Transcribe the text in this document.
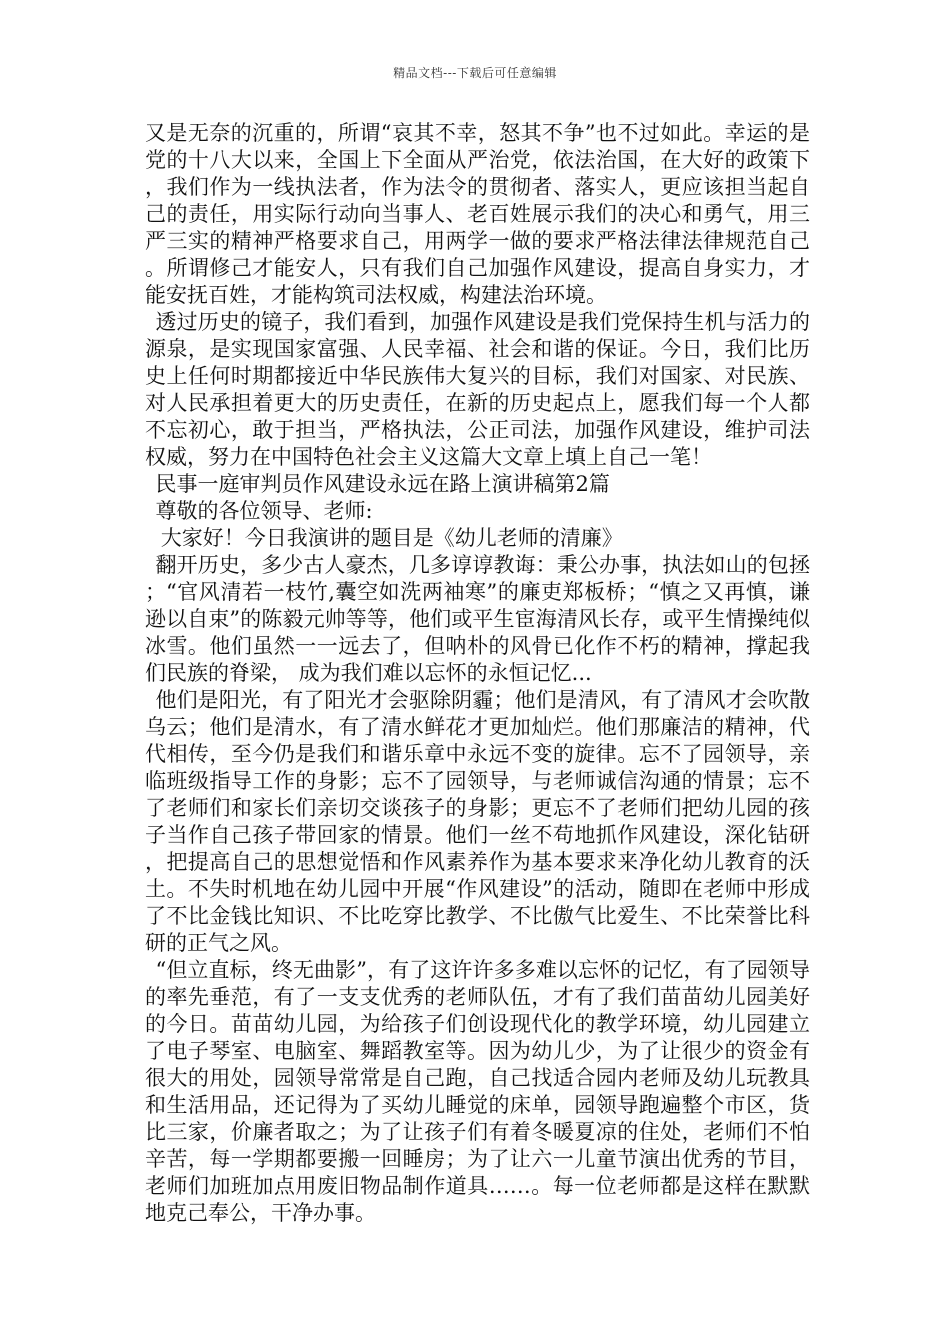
精品文档---下载后可任意编辑

又是无奈的沉重的，所谓“哀其不幸，怒其不争”也不过如此。幸运的是党的十八大以来，全国上下全面从严治党，依法治国，在大好的政策下，我们作为一线执法者，作为法令的贯彻者、落实人，更应该担当起自己的责任，用实际行动向当事人、老百姓展示我们的决心和勇气，用三严三实的精神严格要求自己，用两学一做的要求严格法律法律规范自己。所谓修己才能安人，只有我们自己加强作风建设，提高自身实力，才能安抚百姓，才能构筑司法权威，构建法治环境。

透过历史的镜子，我们看到，加强作风建设是我们党保持生机与活力的源泉，是实现国家富强、人民幸福、社会和谐的保证。今日，我们比历史上任何时期都接近中华民族伟大复兴的目标，我们对国家、对民族、对人民承担着更大的历史责任，在新的历史起点上，愿我们每一个人都不忘初心，敢于担当，严格执法，公正司法，加强作风建设，维护司法权威，努力在中国特色社会主义这篇大文章上填上自己一笔！

民事一庭审判员作风建设永远在路上演讲稿第2篇

尊敬的各位领导、老师:

大家好！今日我演讲的题目是《幼儿老师的清廉》

翻开历史，多少古人豪杰，几多谆谆教诲：秉公办事，执法如山的包拯；“官风清若一枝竹,囊空如洗两袖寒”的廉吏郑板桥；“慎之又再慎，谦逊以自束”的陈毅元帅等等，他们或平生宦海清风长存，或平生情操纯似冰雪。他们虽然一一远去了，但呐朴的风骨已化作不朽的精神，撑起我们民族的脊梁， 成为我们难以忘怀的永恒记忆...

他们是阳光，有了阳光才会驱除阴霾；他们是清风，有了清风才会吹散乌云；他们是清水，有了清水鲜花才更加灿烂。他们那廉洁的精神，代代相传，至今仍是我们和谐乐章中永远不变的旋律。忘不了园领导，亲临班级指导工作的身影；忘不了园领导，与老师诚信沟通的情景；忘不了老师们和家长们亲切交谈孩子的身影；更忘不了老师们把幼儿园的孩子当作自己孩子带回家的情景。他们一丝不苟地抓作风建设，深化钻研，把提高自己的思想觉悟和作风素养作为基本要求来净化幼儿教育的沃土。不失时机地在幼儿园中开展“作风建设”的活动，随即在老师中形成了不比金钱比知识、不比吃穿比教学、不比傲气比爱生、不比荣誉比科研的正气之风。

“但立直标，终无曲影”，有了这许许多多难以忘怀的记忆，有了园领导的率先垂范，有了一支支优秀的老师队伍，才有了我们苗苗幼儿园美好的今日。苗苗幼儿园，为给孩子们创设现代化的教学环境，幼儿园建立了电子琴室、电脑室、舞蹈教室等。因为幼儿少，为了让很少的资金有很大的用处，园领导常常是自己跑，自己找适合园内老师及幼儿玩教具和生活用品，还记得为了买幼儿睡觉的床单，园领导跑遍整个市区，货比三家，价廉者取之；为了让孩子们有着冬暖夏凉的住处，老师们不怕辛苦，每一学期都要搬一回睡房；为了让六一儿童节演出优秀的节目，老师们加班加点用废旧物品制作道具……。每一位老师都是这样在默默地克己奉公，干净办事。
